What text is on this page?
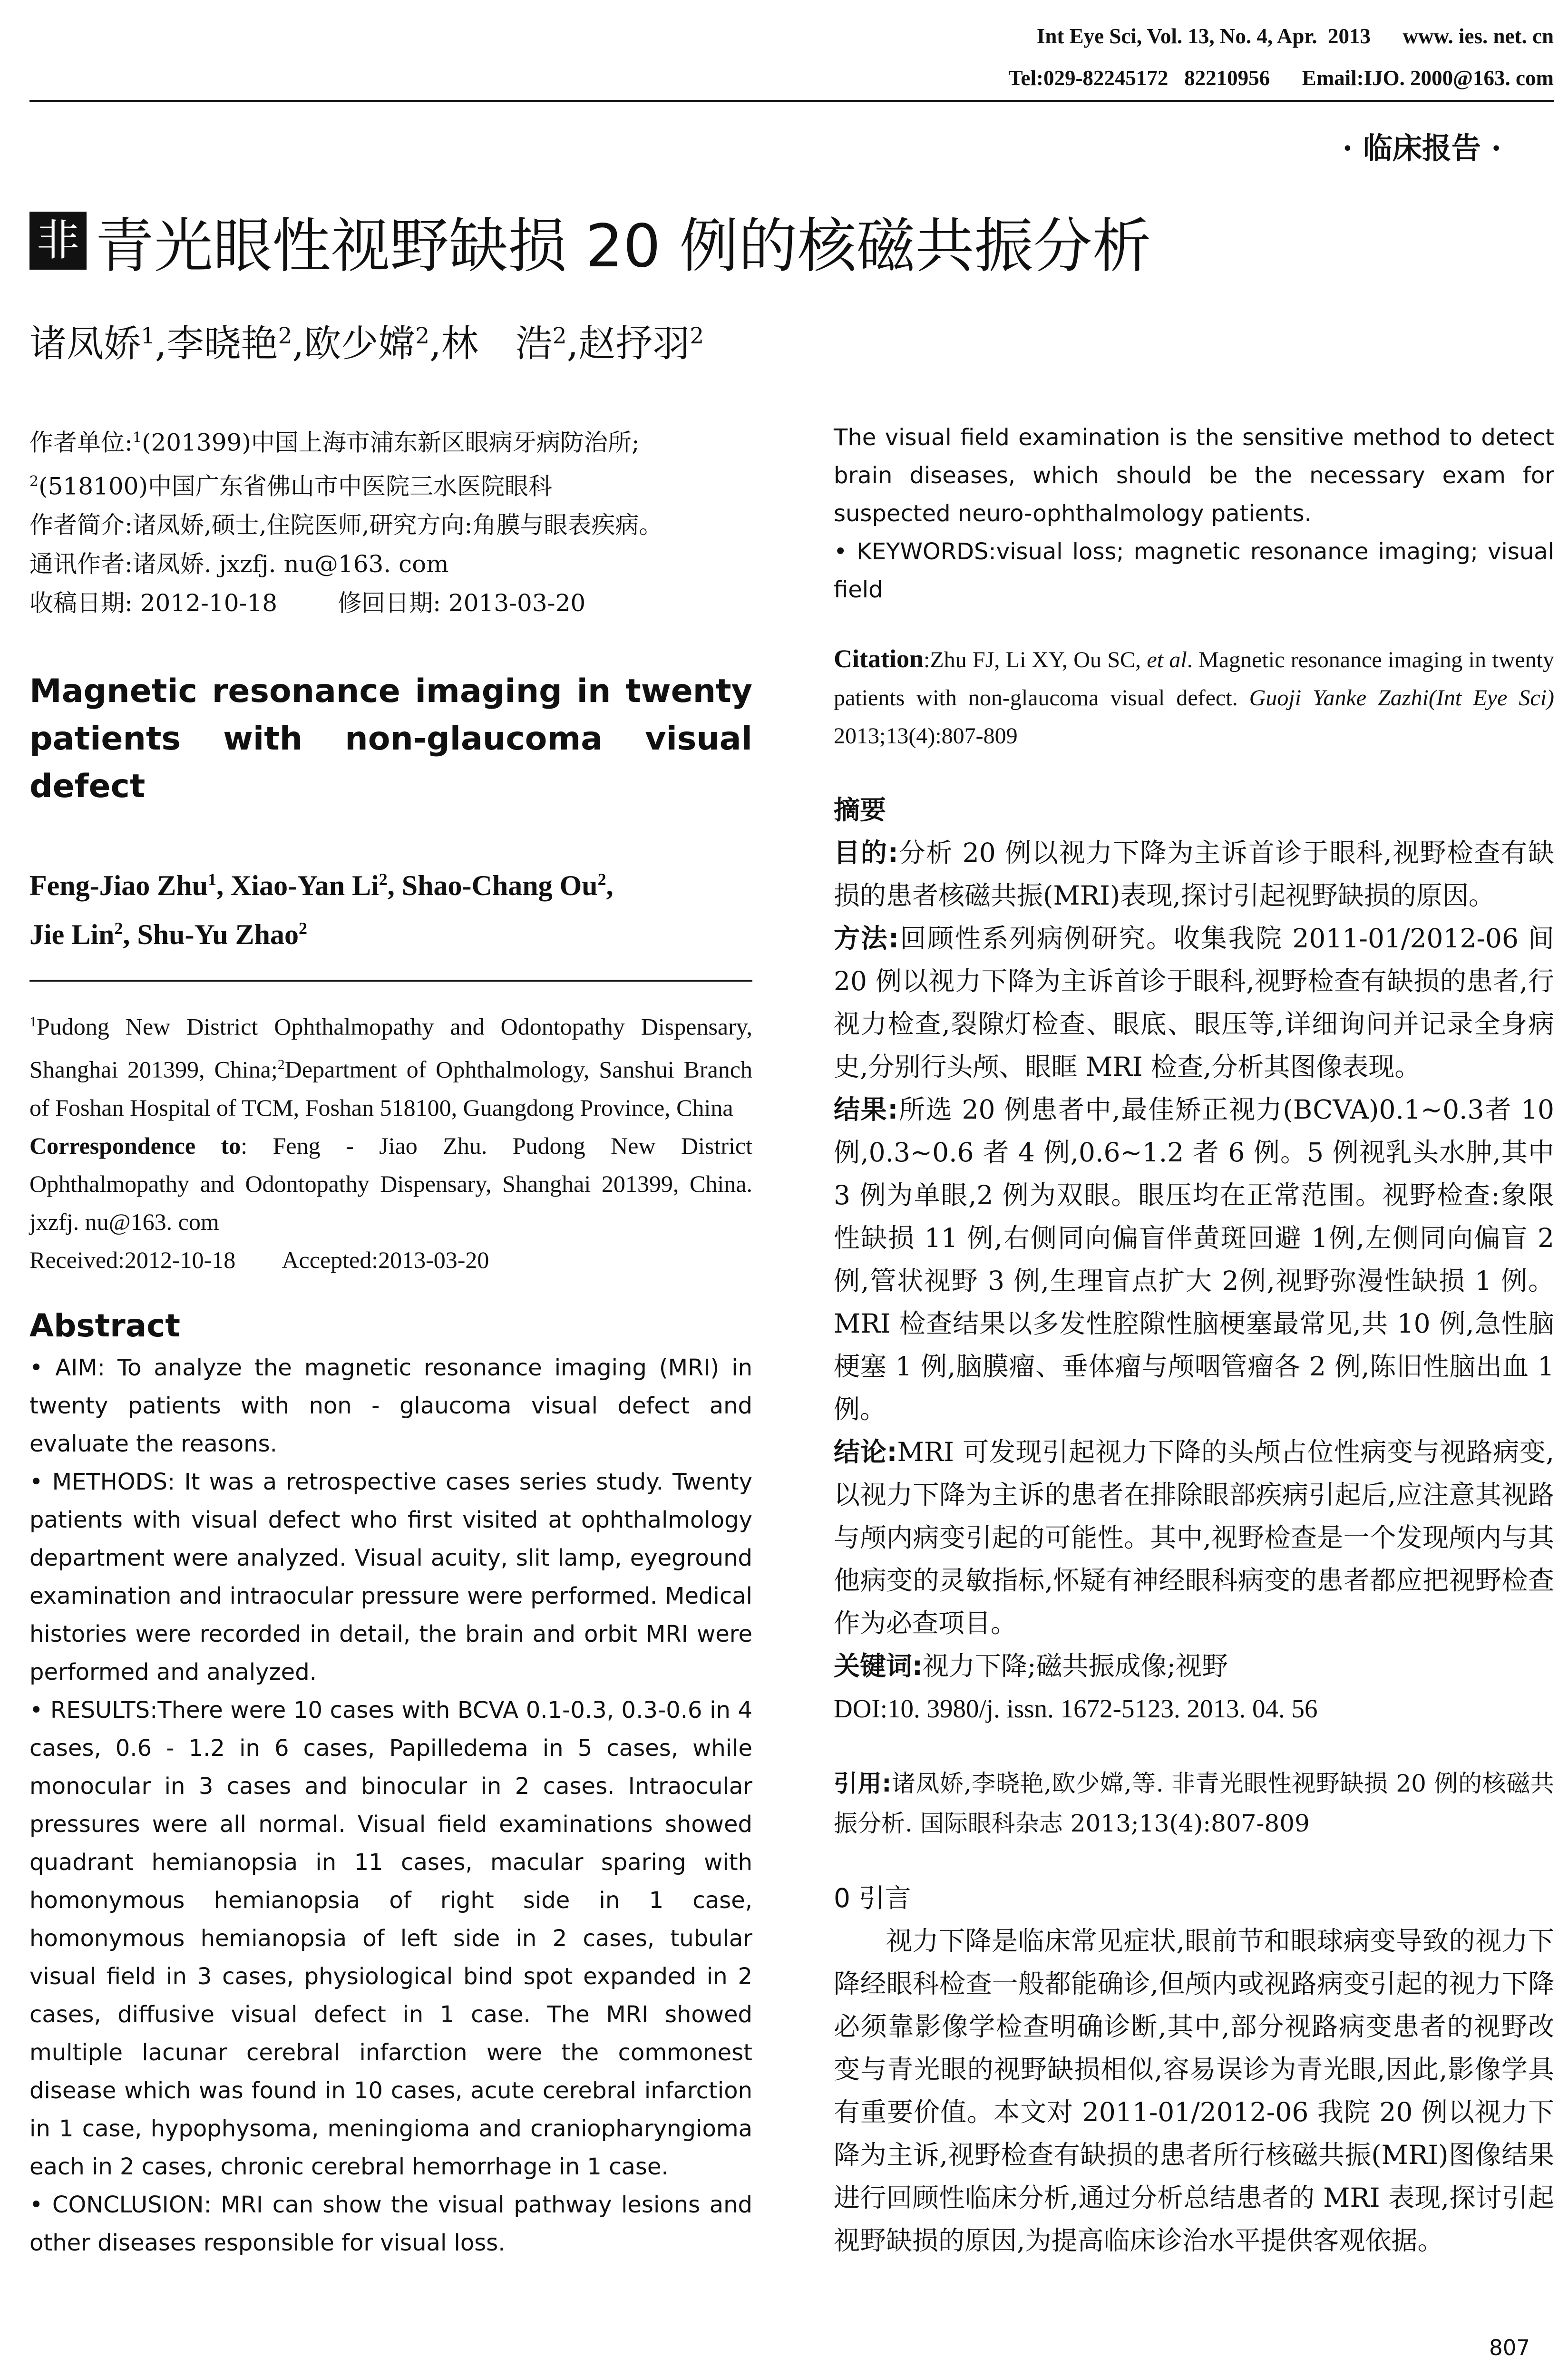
Int Eye Sci, Vol. 13, No. 4, Apr.  2013      www. ies. net. cn
Tel:029-82245172   82210956      Email:IJO. 2000@163. com
· 临床报告 ·
非 青光眼性视野缺损 20 例的核磁共振分析
诸凤娇$^1$,李晓艳$^2$,欧少嫦$^2$,林　浩$^2$,赵抒羽$^2$

作者单位:$^1$(201399)中国上海市浦东新区眼病牙病防治所;

$^2$(518100)中国广东省佛山市中医院三水医院眼科

作者简介:诸凤娇,硕士,住院医师,研究方向:角膜与眼表疾病。

通讯作者:诸凤娇. jxzfj. nu@163. com

收稿日期: 2012-10-18        修回日期: 2013-03-20

Magnetic resonance imaging in twenty
patients with non-glaucoma visual defect
Feng-Jiao Zhu$^1$, Xiao-Yan Li$^2$, Shao-Chang Ou$^2$,
Jie Lin$^2$, Shu-Yu Zhao$^2$

$^1$Pudong New District Ophthalmopathy and Odontopathy Dispensary, Shanghai 201399, China;$^2$Department of Ophthalmology, Sanshui Branch of Foshan Hospital of TCM, Foshan 518100, Guangdong Province, China

Correspondence to: Feng - Jiao Zhu. Pudong New District Ophthalmopathy and Odontopathy Dispensary, Shanghai 201399, China. jxzfj. nu@163. com

Received:2012-10-18        Accepted:2013-03-20

Abstract

• AIM: To analyze the magnetic resonance imaging (MRI) in twenty patients with non - glaucoma visual defect and evaluate the reasons.

• METHODS: It was a retrospective cases series study. Twenty patients with visual defect who first visited at ophthalmology department were analyzed. Visual acuity, slit lamp, eyeground examination and intraocular pressure were performed. Medical histories were recorded in detail, the brain and orbit MRI were performed and analyzed.

• RESULTS:There were 10 cases with BCVA 0.1-0.3, 0.3-0.6 in 4 cases, 0.6 - 1.2 in 6 cases, Papilledema in 5 cases, while monocular in 3 cases and binocular in 2 cases. Intraocular pressures were all normal. Visual field examinations showed quadrant hemianopsia in 11 cases, macular sparing with homonymous hemianopsia of right side in 1 case, homonymous hemianopsia of left side in 2 cases, tubular visual field in 3 cases, physiological bind spot expanded in 2 cases, diffusive visual defect in 1 case. The MRI showed multiple lacunar cerebral infarction were the commonest disease which was found in 10 cases, acute cerebral infarction in 1 case, hypophysoma, meningioma and craniopharyngioma each in 2 cases, chronic cerebral hemorrhage in 1 case.

• CONCLUSION: MRI can show the visual pathway lesions and other diseases responsible for visual loss.

The visual field examination is the sensitive method to detect brain diseases, which should be the necessary exam for suspected neuro-ophthalmology patients.

• KEYWORDS:visual loss; magnetic resonance imaging; visual field

Citation:Zhu FJ, Li XY, Ou SC, et al. Magnetic resonance imaging in twenty patients with non-glaucoma visual defect. Guoji Yanke Zazhi(Int Eye Sci) 2013;13(4):807-809

摘要

目的:分析 20 例以视力下降为主诉首诊于眼科,视野检查有缺损的患者核磁共振(MRI)表现,探讨引起视野缺损的原因。

方法:回顾性系列病例研究。收集我院 2011-01/2012-06 间 20 例以视力下降为主诉首诊于眼科,视野检查有缺损的患者,行视力检查,裂隙灯检查、眼底、眼压等,详细询问并记录全身病史,分别行头颅、眼眶 MRI 检查,分析其图像表现。

结果:所选 20 例患者中,最佳矫正视力(BCVA)0.1~0.3者 10 例,0.3~0.6 者 4 例,0.6~1.2 者 6 例。5 例视乳头水肿,其中 3 例为单眼,2 例为双眼。眼压均在正常范围。视野检查:象限性缺损 11 例,右侧同向偏盲伴黄斑回避 1例,左侧同向偏盲 2 例,管状视野 3 例,生理盲点扩大 2例,视野弥漫性缺损 1 例。MRI 检查结果以多发性腔隙性脑梗塞最常见,共 10 例,急性脑梗塞 1 例,脑膜瘤、垂体瘤与颅咽管瘤各 2 例,陈旧性脑出血 1 例。

结论:MRI 可发现引起视力下降的头颅占位性病变与视路病变,以视力下降为主诉的患者在排除眼部疾病引起后,应注意其视路与颅内病变引起的可能性。其中,视野检查是一个发现颅内与其他病变的灵敏指标,怀疑有神经眼科病变的患者都应把视野检查作为必查项目。

关键词:视力下降;磁共振成像;视野

DOI:10. 3980/j. issn. 1672-5123. 2013. 04. 56

引用:诸凤娇,李晓艳,欧少嫦,等. 非青光眼性视野缺损 20 例的核磁共振分析. 国际眼科杂志 2013;13(4):807-809

0 引言

视力下降是临床常见症状,眼前节和眼球病变导致的视力下降经眼科检查一般都能确诊,但颅内或视路病变引起的视力下降必须靠影像学检查明确诊断,其中,部分视路病变患者的视野改变与青光眼的视野缺损相似,容易误诊为青光眼,因此,影像学具有重要价值。本文对 2011-01/2012-06 我院 20 例以视力下降为主诉,视野检查有缺损的患者所行核磁共振(MRI)图像结果进行回顾性临床分析,通过分析总结患者的 MRI 表现,探讨引起视野缺损的原因,为提高临床诊治水平提供客观依据。

807
